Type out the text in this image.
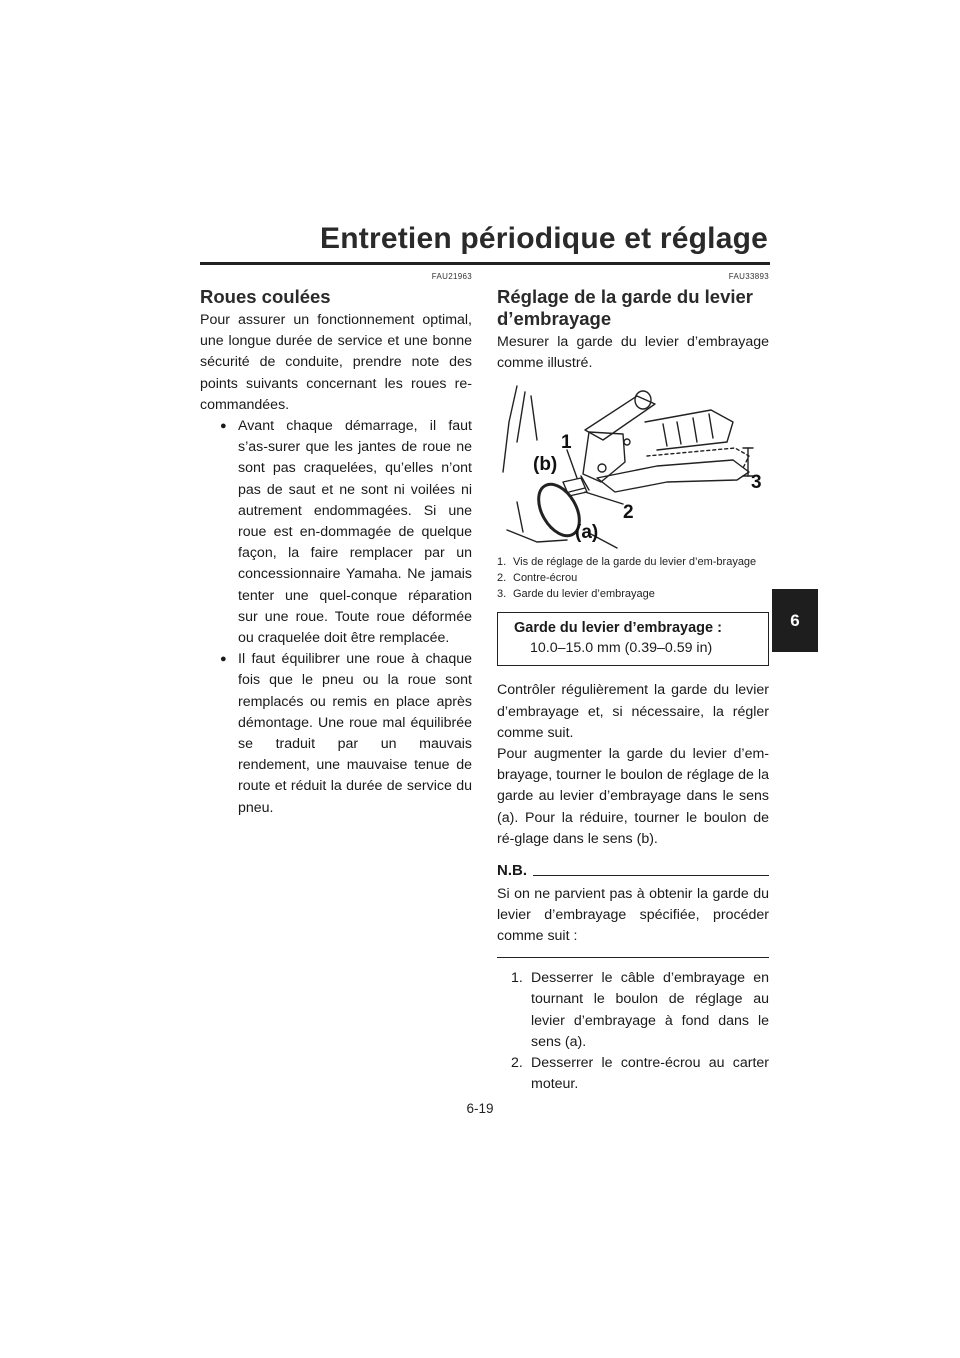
Entretien périodique et réglage
6
FAU21963
Roues coulées

Pour assurer un fonctionnement optimal, une longue durée de service et une bonne sécurité de conduite, prendre note des points suivants concernant les roues re-commandées.

● Avant chaque démarrage, il faut s’as-surer que les jantes de roue ne sont pas craquelées, qu’elles n’ont pas de saut et ne sont ni voilées ni autrement endommagées. Si une roue est en-dommagée de quelque façon, la faire remplacer par un concessionnaire Yamaha. Ne jamais tenter une quel-conque réparation sur une roue. Toute roue déformée ou craquelée doit être remplacée.
● Il faut équilibrer une roue à chaque fois que le pneu ou la roue sont remplacés ou remis en place après démontage. Une roue mal équilibrée se traduit par un mauvais rendement, une mauvaise tenue de route et réduit la durée de service du pneu.
FAU33893
Réglage de la garde du levier
d’embrayage

Mesurer la garde du levier d’embrayage comme illustré.

1
(b)
2
(a)
3
1. Vis de réglage de la garde du levier d’em-brayage
2. Contre-écrou
3. Garde du levier d’embrayage
Garde du levier d’embrayage :
10.0–15.0 mm (0.39–0.59 in)

Contrôler régulièrement la garde du levier d’embrayage et, si nécessaire, la régler comme suit.

Pour augmenter la garde du levier d’em-brayage, tourner le boulon de réglage de la garde au levier d’embrayage dans le sens (a). Pour la réduire, tourner le boulon de ré-glage dans le sens (b).

N.B.

Si on ne parvient pas à obtenir la garde du levier d’embrayage spécifiée, procéder comme suit :

1. Desserrer le câble d’embrayage en tournant le boulon de réglage au levier d’embrayage à fond dans le sens (a).
2. Desserrer le contre-écrou au carter moteur.
6-19
